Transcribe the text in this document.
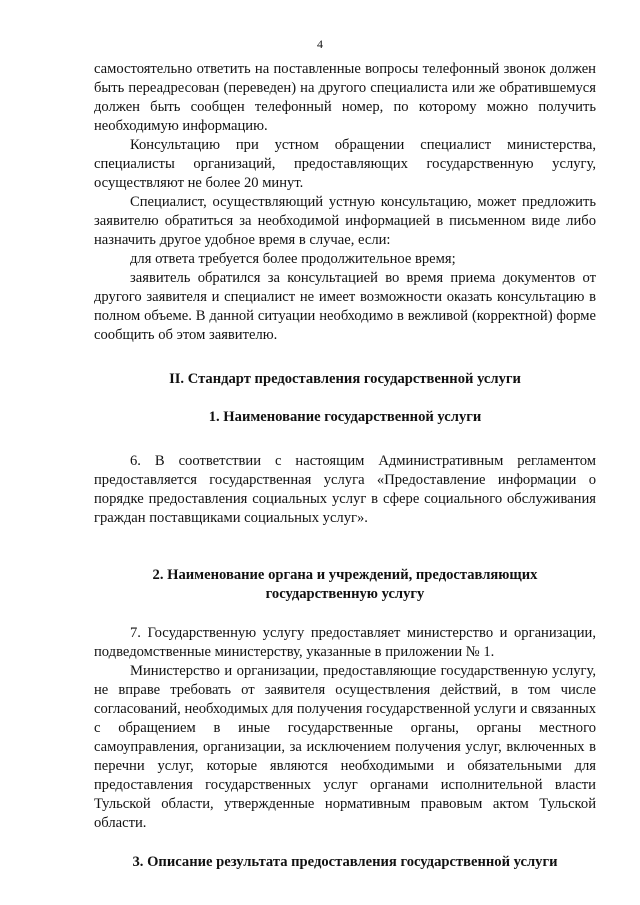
4

самостоятельно ответить на поставленные вопросы телефонный звонок должен быть переадресован (переведен) на другого специалиста или же обратившемуся должен быть сообщен телефонный номер, по которому можно получить необходимую информацию.

Консультацию при устном обращении специалист министерства, специалисты организаций, предоставляющих государственную услугу, осуществляют не более 20 минут.

Специалист, осуществляющий устную консультацию, может предложить заявителю обратиться за необходимой информацией в письменном виде либо назначить другое удобное время в случае, если:

для ответа требуется более продолжительное время;

заявитель обратился за консультацией во время приема документов от другого заявителя и специалист не имеет возможности оказать консультацию в полном объеме. В данной ситуации необходимо в вежливой (корректной) форме сообщить об этом заявителю.

II. Стандарт предоставления государственной услуги

1. Наименование государственной услуги

6. В соответствии с настоящим Административным регламентом предоставляется государственная услуга «Предоставление информации о порядке предоставления социальных услуг в сфере социального обслуживания граждан поставщиками социальных услуг».

2. Наименование органа и учреждений, предоставляющих

государственную услугу

7. Государственную услугу предоставляет министерство и организации, подведомственные министерству, указанные в приложении № 1.

Министерство и организации, предоставляющие государственную услугу, не вправе требовать от заявителя осуществления действий, в том числе согласований, необходимых для получения государственной услуги и связанных с обращением в иные государственные органы, органы местного самоуправления, организации, за исключением получения услуг, включенных в перечни услуг, которые являются необходимыми и обязательными для предоставления государственных услуг органами исполнительной власти Тульской области, утвержденные нормативным правовым актом Тульской области.

3. Описание результата предоставления государственной услуги
